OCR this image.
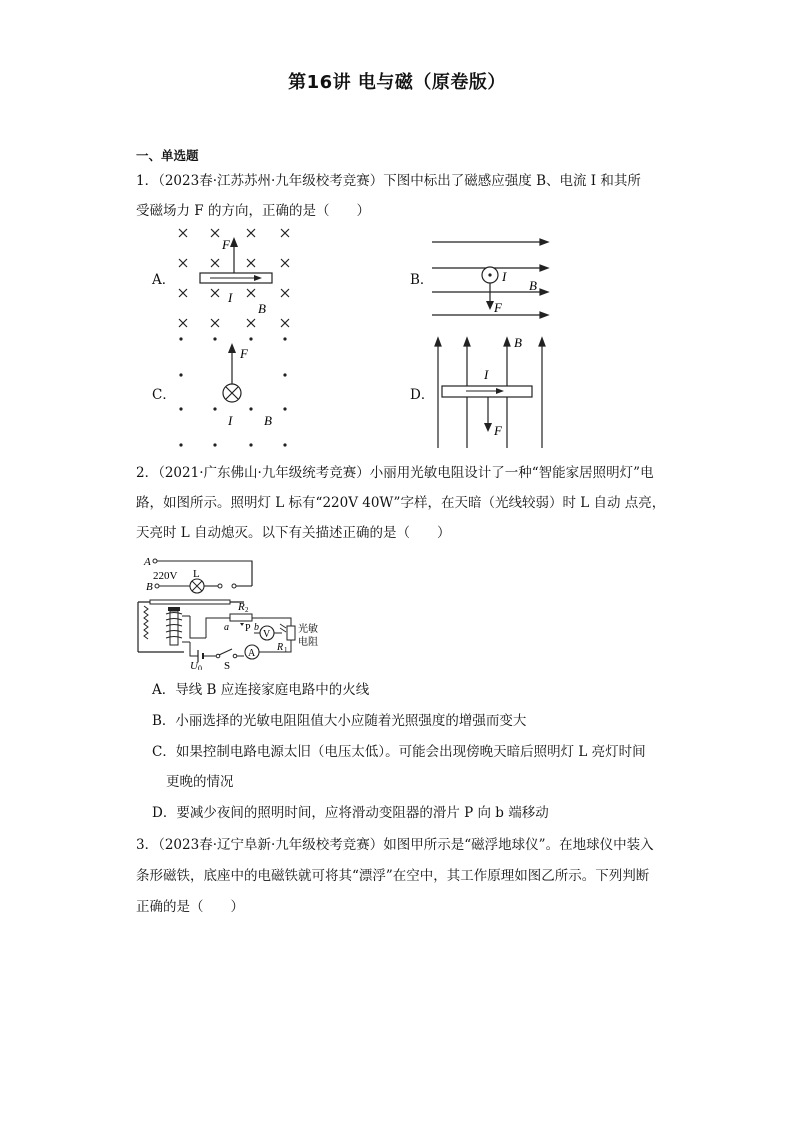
第16讲 电与磁（原卷版）
一、单选题
1．（2023春·江苏苏州·九年级校考竞赛）下图中标出了磁感应强度 B、电流 I 和其所
受磁场力 F 的方向，正确的是（　　）
A．	B．
C．	D．
F
I
B
I
B
F
F
I B
I
B
F
2．（2021·广东佛山·九年级统考竞赛）小丽用光敏电阻设计了一种“智能家居照明灯”电
路，如图所示。照明灯 L 标有“220V 40W”字样，在天暗（光线较弱）时 L 自动 点亮，
天亮时 L 自动熄灭。以下有关描述正确的是（　　）
A
B
220V L
U 0 S
A
R 2
a P b
V
R 1
光敏
电阻
A．导线 B 应连接家庭电路中的火线
B．小丽选择的光敏电阻阻值大小应随着光照强度的增强而变大
C．如果控制电路电源太旧（电压太低）。可能会出现傍晚天暗后照明灯 L 亮灯时间
更晚的情况
D．要减少夜间的照明时间，应将滑动变阻器的滑片 P 向 b 端移动
3．（2023春·辽宁阜新·九年级校考竞赛）如图甲所示是“磁浮地球仪”。在地球仪中装入
条形磁铁，底座中的电磁铁就可将其“漂浮”在空中，其工作原理如图乙所示。下列判断
正确的是（　　）
